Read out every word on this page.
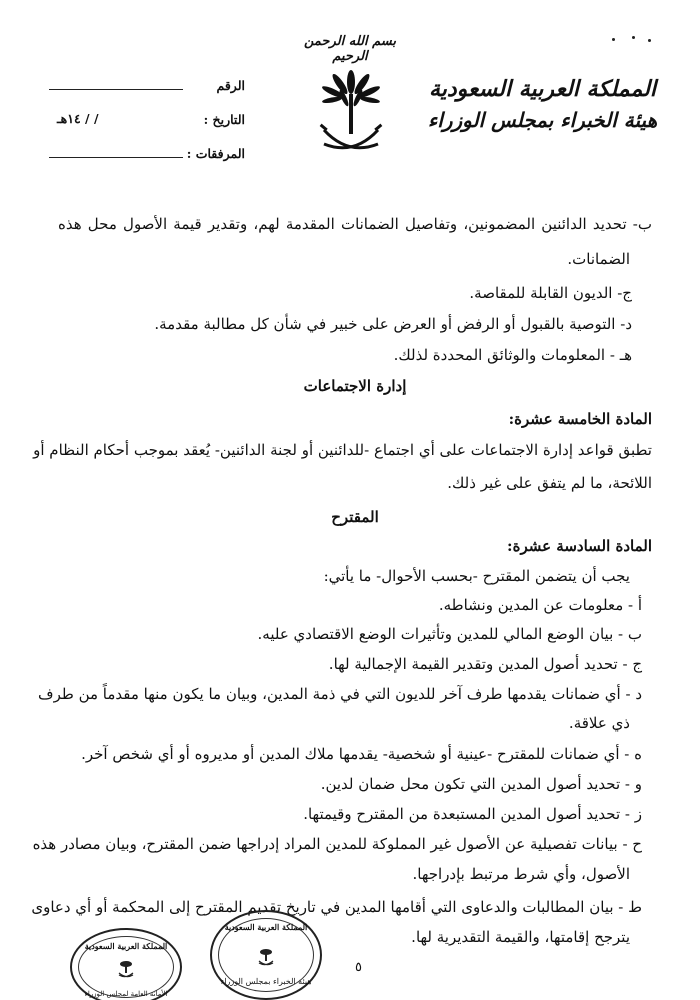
المملكة العربية السعودية
هيئة الخبراء بمجلس الوزراء
بسم الله الرحمن الرحيم
الرقم
التاريخ :
/ / ١٤هـ
المرفقات :
ب- تحديد الدائنين المضمونين، وتفاصيل الضمانات المقدمة لهم، وتقدير قيمة الأصول محل هذه
الضمانات.
ج- الديون القابلة للمقاصة.
د- التوصية بالقبول أو الرفض أو العرض على خبير في شأن كل مطالبة مقدمة.
هـ - المعلومات والوثائق المحددة لذلك.
إدارة الاجتماعات
المادة الخامسة عشرة:
تطبق قواعد إدارة الاجتماعات على أي اجتماع -للدائنين أو لجنة الدائنين- يُعقد بموجب أحكام النظام أو
اللائحة، ما لم يتفق على غير ذلك.
المقترح
المادة السادسة عشرة:
يجب أن يتضمن المقترح -بحسب الأحوال- ما يأتي:
أ - معلومات عن المدين ونشاطه.
ب - بيان الوضع المالي للمدين وتأثيرات الوضع الاقتصادي عليه.
ج - تحديد أصول المدين وتقدير القيمة الإجمالية لها.
د - أي ضمانات يقدمها طرف آخر للديون التي في ذمة المدين، وبيان ما يكون منها مقدماً من طرف
ذي علاقة.
ه - أي ضمانات للمقترح -عينية أو شخصية- يقدمها ملاك المدين أو مديروه أو أي شخص آخر.
و - تحديد أصول المدين التي تكون محل ضمان لدين.
ز - تحديد أصول المدين المستبعدة من المقترح وقيمتها.
ح - بيانات تفصيلية عن الأصول غير المملوكة للمدين المراد إدراجها ضمن المقترح، وبيان مصادر هذه
الأصول، وأي شرط مرتبط بإدراجها.
ط - بيان المطالبات والدعاوى التي أقامها المدين في تاريخ تقديم المقترح إلى المحكمة أو أي دعاوى
يترجح إقامتها، والقيمة التقديرية لها.
٥
المملكة العربية السعودية
الأمانة العامة لمجلس الوزراء
المملكة العربية السعودية
هيئة الخبراء بمجلس الوزراء
